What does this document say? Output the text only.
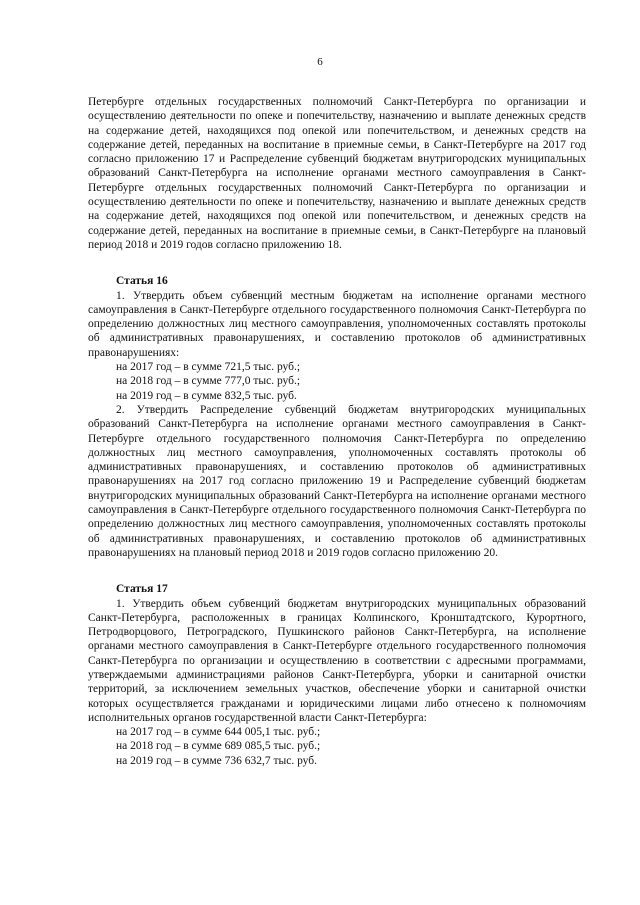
6

Петербурге отдельных государственных полномочий Санкт-Петербурга по организации и осуществлению деятельности по опеке и попечительству, назначению и выплате денежных средств на содержание детей, находящихся под опекой или попечительством, и денежных средств на содержание детей, переданных на воспитание в приемные семьи, в Санкт-Петербурге на 2017 год согласно приложению 17 и Распределение субвенций бюджетам внутригородских муниципальных образований Санкт-Петербурга на исполнение органами местного самоуправления в Санкт-Петербурге отдельных государственных полномочий Санкт-Петербурга по организации и осуществлению деятельности по опеке и попечительству, назначению и выплате денежных средств на содержание детей, находящихся под опекой или попечительством, и денежных средств на содержание детей, переданных на воспитание в приемные семьи, в Санкт-Петербурге на плановый период 2018 и 2019 годов согласно приложению 18.

Статья 16

1. Утвердить объем субвенций местным бюджетам на исполнение органами местного самоуправления в Санкт-Петербурге отдельного государственного полномочия Санкт-Петербурга по определению должностных лиц местного самоуправления, уполномоченных составлять протоколы об административных правонарушениях, и составлению протоколов об административных правонарушениях:

на 2017 год – в сумме 721,5 тыс. руб.;

на 2018 год – в сумме 777,0 тыс. руб.;

на 2019 год – в сумме 832,5 тыс. руб.

2. Утвердить Распределение субвенций бюджетам внутригородских муниципальных образований Санкт-Петербурга на исполнение органами местного самоуправления в Санкт-Петербурге отдельного государственного полномочия Санкт-Петербурга по определению должностных лиц местного самоуправления, уполномоченных составлять протоколы об административных правонарушениях, и составлению протоколов об административных правонарушениях на 2017 год согласно приложению 19 и Распределение субвенций бюджетам внутригородских муниципальных образований Санкт-Петербурга на исполнение органами местного самоуправления в Санкт-Петербурге отдельного государственного полномочия Санкт-Петербурга по определению должностных лиц местного самоуправления, уполномоченных составлять протоколы об административных правонарушениях, и составлению протоколов об административных правонарушениях на плановый период 2018 и 2019 годов согласно приложению 20.

Статья 17

1. Утвердить объем субвенций бюджетам внутригородских муниципальных образований Санкт-Петербурга, расположенных в границах Колпинского, Кронштадтского, Курортного, Петродворцового, Петроградского, Пушкинского районов Санкт-Петербурга, на исполнение органами местного самоуправления в Санкт-Петербурге отдельного государственного полномочия Санкт-Петербурга по организации и осуществлению в соответствии с адресными программами, утверждаемыми администрациями районов Санкт-Петербурга, уборки и санитарной очистки территорий, за исключением земельных участков, обеспечение уборки и санитарной очистки которых осуществляется гражданами и юридическими лицами либо отнесено к полномочиям исполнительных органов государственной власти Санкт-Петербурга:

на 2017 год – в сумме 644 005,1 тыс. руб.;

на 2018 год – в сумме 689 085,5 тыс. руб.;

на 2019 год – в сумме 736 632,7 тыс. руб.
